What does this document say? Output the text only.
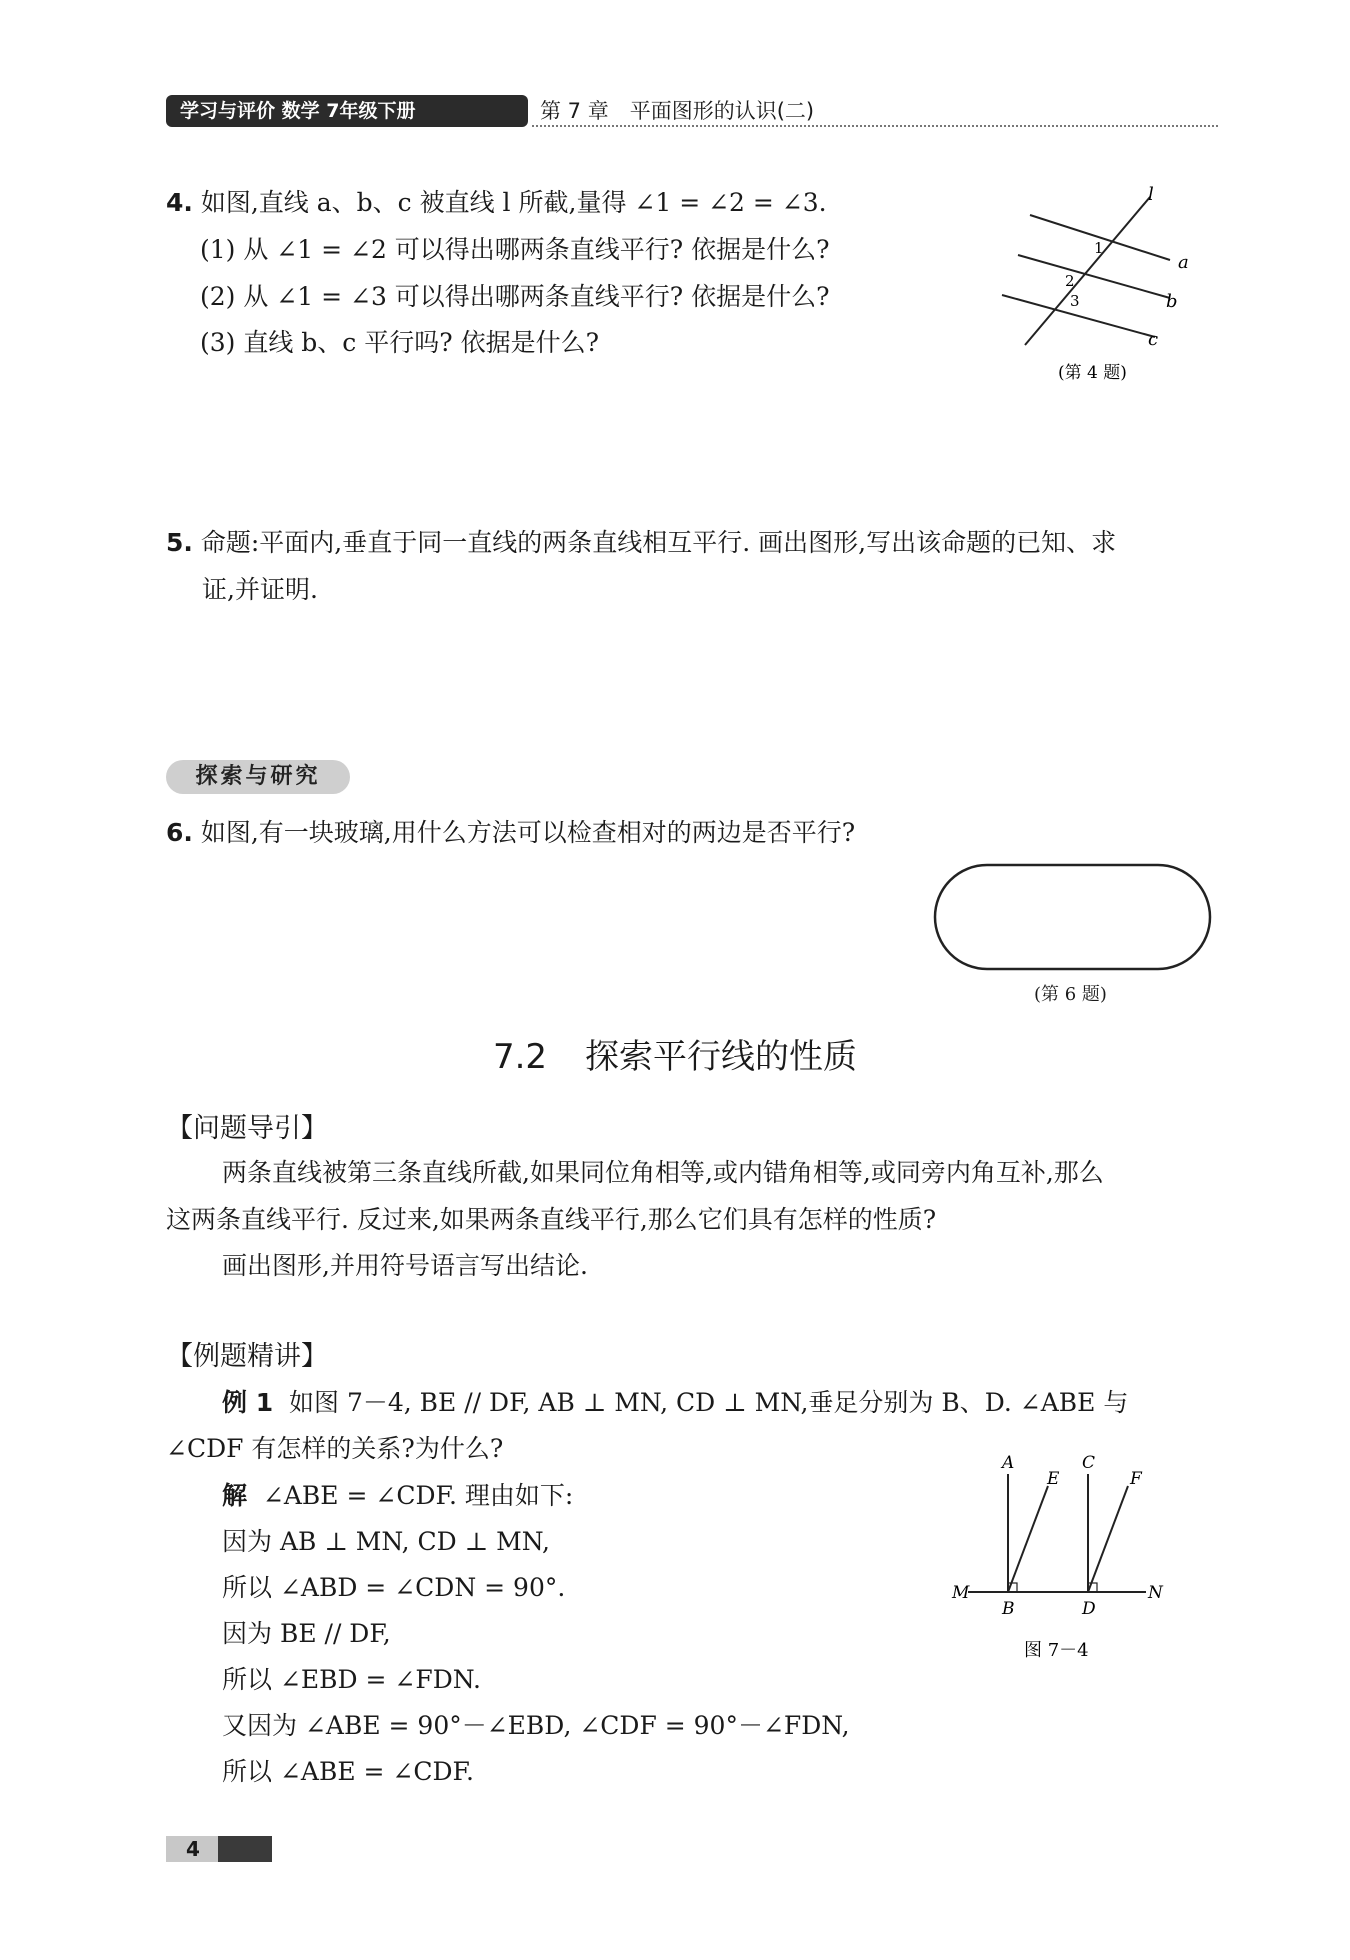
学习与评价 数学 7年级下册	第 7 章　平面图形的认识(二)
4. 如图,直线 a、b、c 被直线 l 所截,量得 ∠1 = ∠2 = ∠3.
(1) 从 ∠1 = ∠2 可以得出哪两条直线平行? 依据是什么?
(2) 从 ∠1 = ∠3 可以得出哪两条直线平行? 依据是什么?
(3) 直线 b、c 平行吗? 依据是什么?
l
a
b
c
1
2
3
(第 4 题)
5. 命题:平面内,垂直于同一直线的两条直线相互平行. 画出图形,写出该命题的已知、求
证,并证明.
探索与研究
6. 如图,有一块玻璃,用什么方法可以检查相对的两边是否平行?
(第 6 题)
7.2 探索平行线的性质
【问题导引】
两条直线被第三条直线所截,如果同位角相等,或内错角相等,或同旁内角互补,那么
这两条直线平行. 反过来,如果两条直线平行,那么它们具有怎样的性质?
画出图形,并用符号语言写出结论.
【例题精讲】
例 1 如图 7－4, BE // DF, AB ⊥ MN, CD ⊥ MN,垂足分别为 B、D. ∠ABE 与
∠CDF 有怎样的关系?为什么?
解 ∠ABE = ∠CDF. 理由如下:
因为 AB ⊥ MN, CD ⊥ MN,
所以 ∠ABD = ∠CDN = 90°.
因为 BE // DF,
所以 ∠EBD = ∠FDN.
又因为 ∠ABE = 90°－∠EBD, ∠CDF = 90°－∠FDN,
所以 ∠ABE = ∠CDF.
A	C
E	F
M	N
B	D
图 7－4
4
